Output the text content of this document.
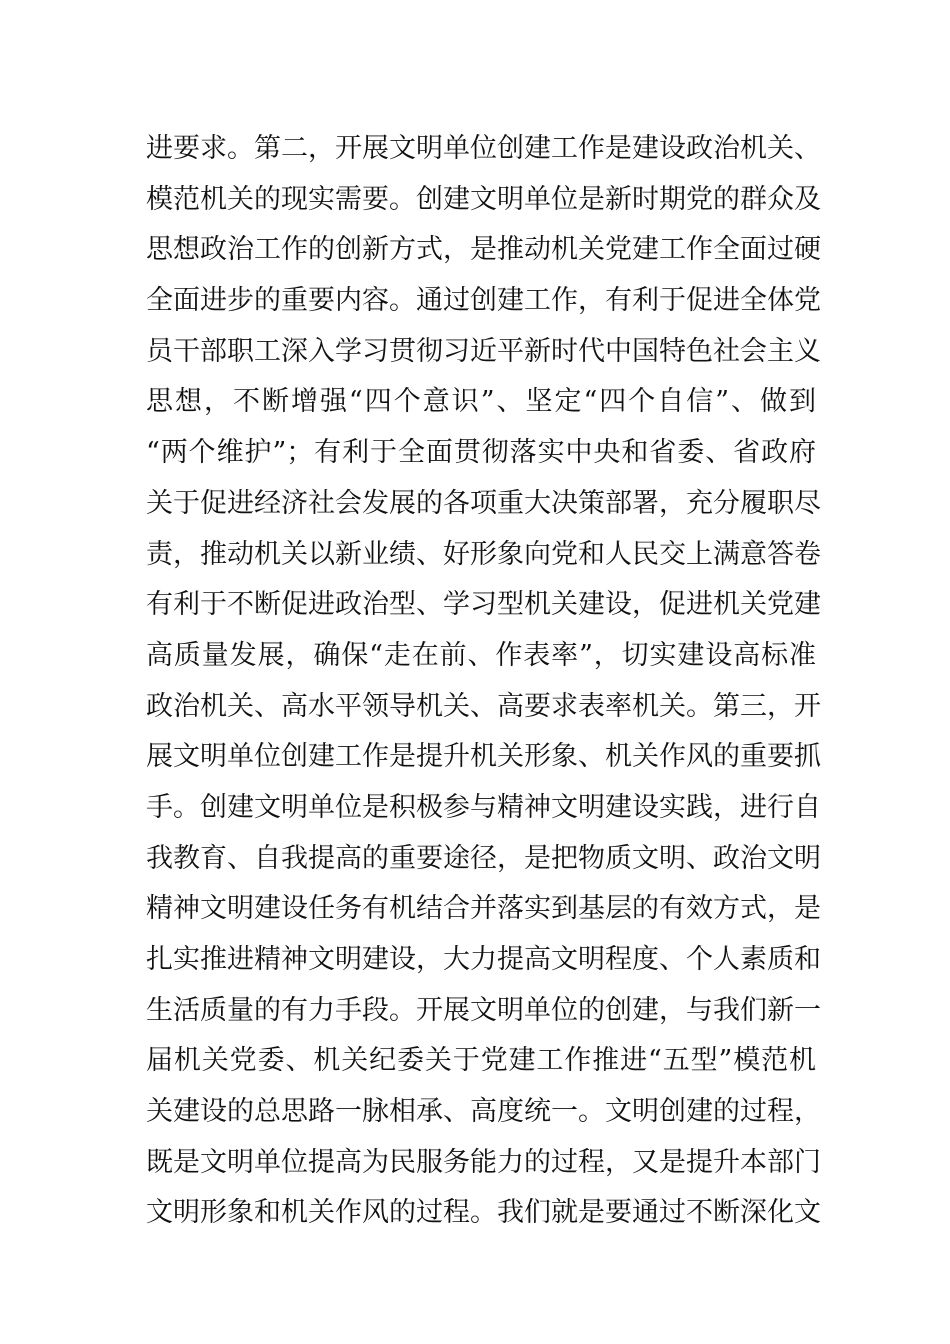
进要求。第二，开展文明单位创建工作是建设政治机关、
模范机关的现实需要。创建文明单位是新时期党的群众及
思想政治工作的创新方式，是推动机关党建工作全面过硬
全面进步的重要内容。通过创建工作，有利于促进全体党
员干部职工深入学习贯彻习近平新时代中国特色社会主义
思想，不断增强“四个意识”、坚定“四个自信”、做到
“两个维护”；有利于全面贯彻落实中央和省委、省政府
关于促进经济社会发展的各项重大决策部署，充分履职尽
责，推动机关以新业绩、好形象向党和人民交上满意答卷
有利于不断促进政治型、学习型机关建设，促进机关党建
高质量发展，确保“走在前、作表率”，切实建设高标准
政治机关、高水平领导机关、高要求表率机关。第三，开
展文明单位创建工作是提升机关形象、机关作风的重要抓
手。创建文明单位是积极参与精神文明建设实践，进行自
我教育、自我提高的重要途径，是把物质文明、政治文明
精神文明建设任务有机结合并落实到基层的有效方式，是
扎实推进精神文明建设，大力提高文明程度、个人素质和
生活质量的有力手段。开展文明单位的创建，与我们新一
届机关党委、机关纪委关于党建工作推进“五型”模范机
关建设的总思路一脉相承、高度统一。文明创建的过程，
既是文明单位提高为民服务能力的过程，又是提升本部门
文明形象和机关作风的过程。我们就是要通过不断深化文
